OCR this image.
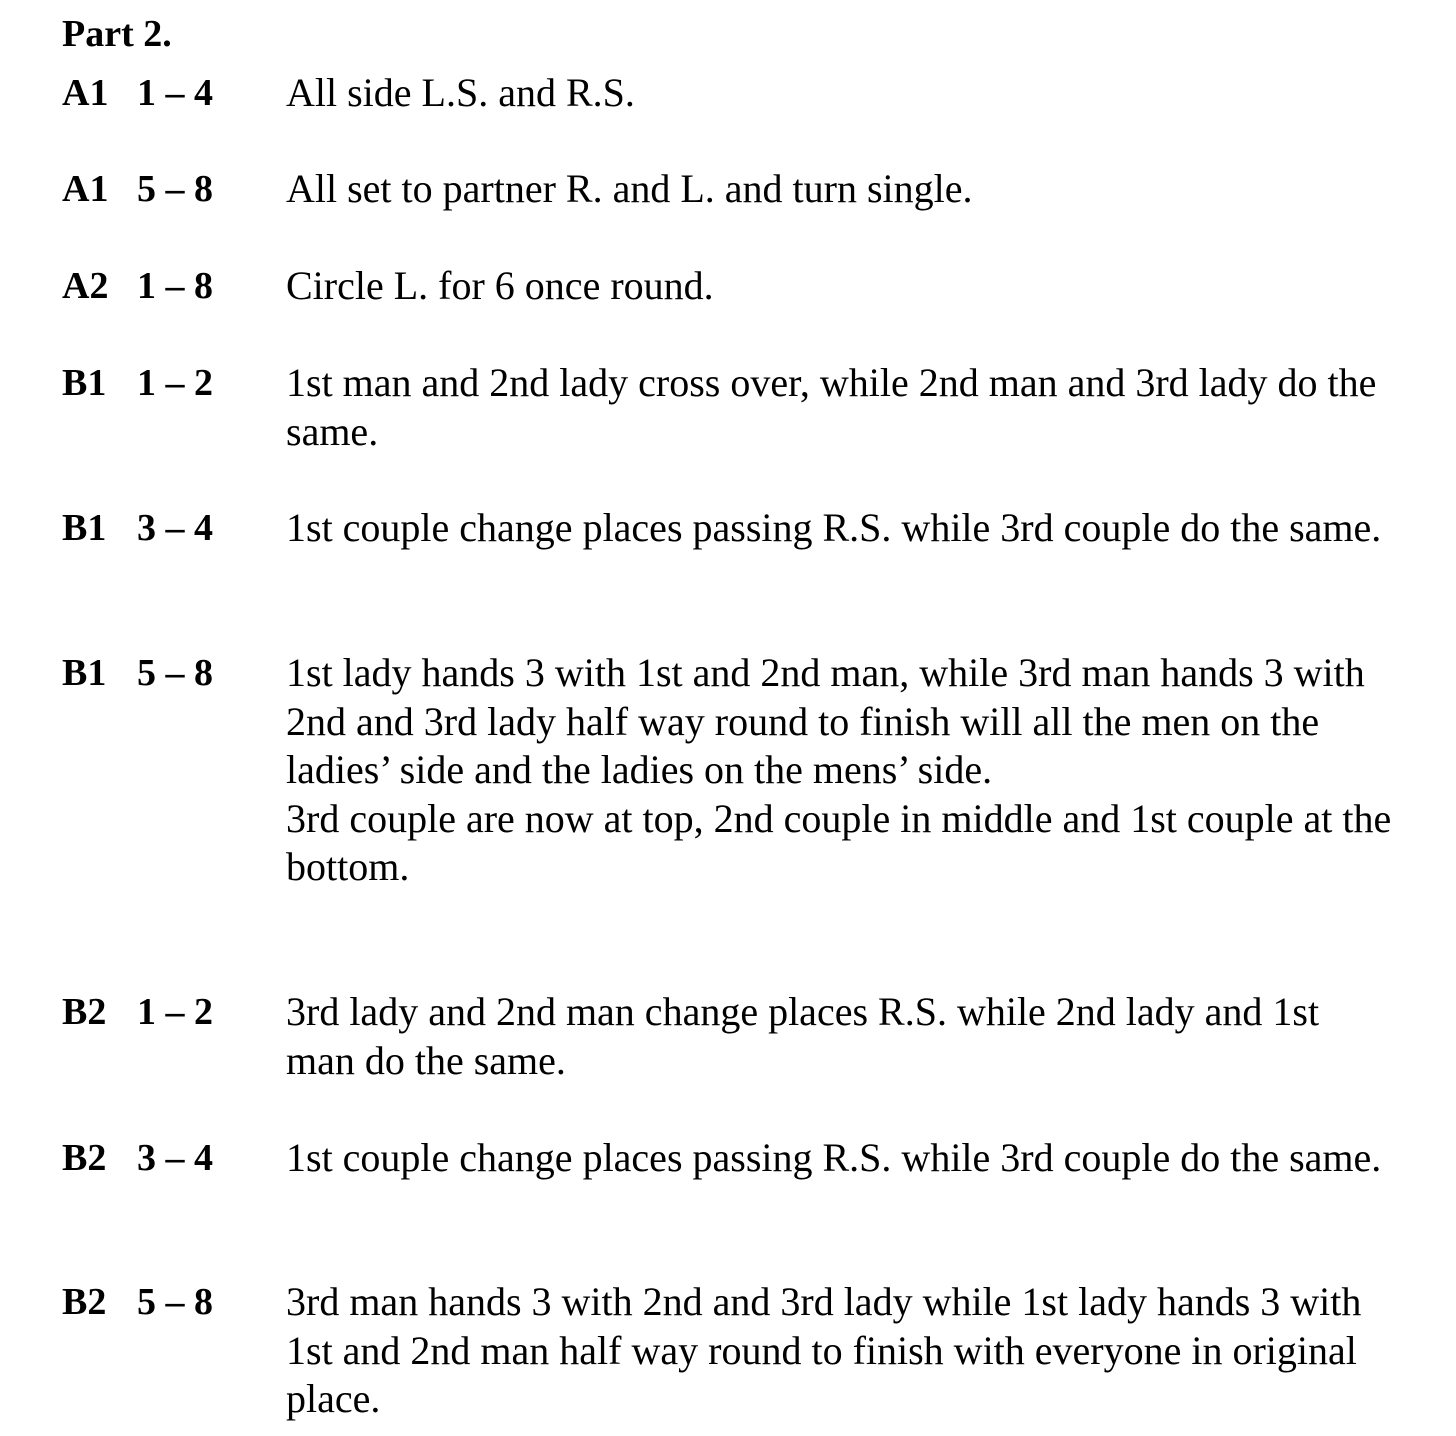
Part 2.
A1 1 – 4 All side L.S. and R.S.

A1 5 – 8 All set to partner R. and L. and turn single.

A2 1 – 8 Circle L. for 6 once round.

B1 1 – 2 1st man and 2nd lady cross over, while 2nd man and 3rd lady do the same.

B1 3 – 4 1st couple change places passing R.S. while 3rd couple do the same.

B1 5 – 8 1st lady hands 3 with 1st and 2nd man, while 3rd man hands 3 with 2nd and 3rd lady half way round to finish will all the men on the ladies’ side and the ladies on the mens’ side.

3rd couple are now at top, 2nd couple in middle and 1st couple at the bottom.

B2 1 – 2 3rd lady and 2nd man change places R.S. while 2nd lady and 1st man do the same.

B2 3 – 4 1st couple change places passing R.S. while 3rd couple do the same.

B2 5 – 8 3rd man hands 3 with 2nd and 3rd lady while 1st lady hands 3 with 1st and 2nd man half way round to finish with everyone in original place.
